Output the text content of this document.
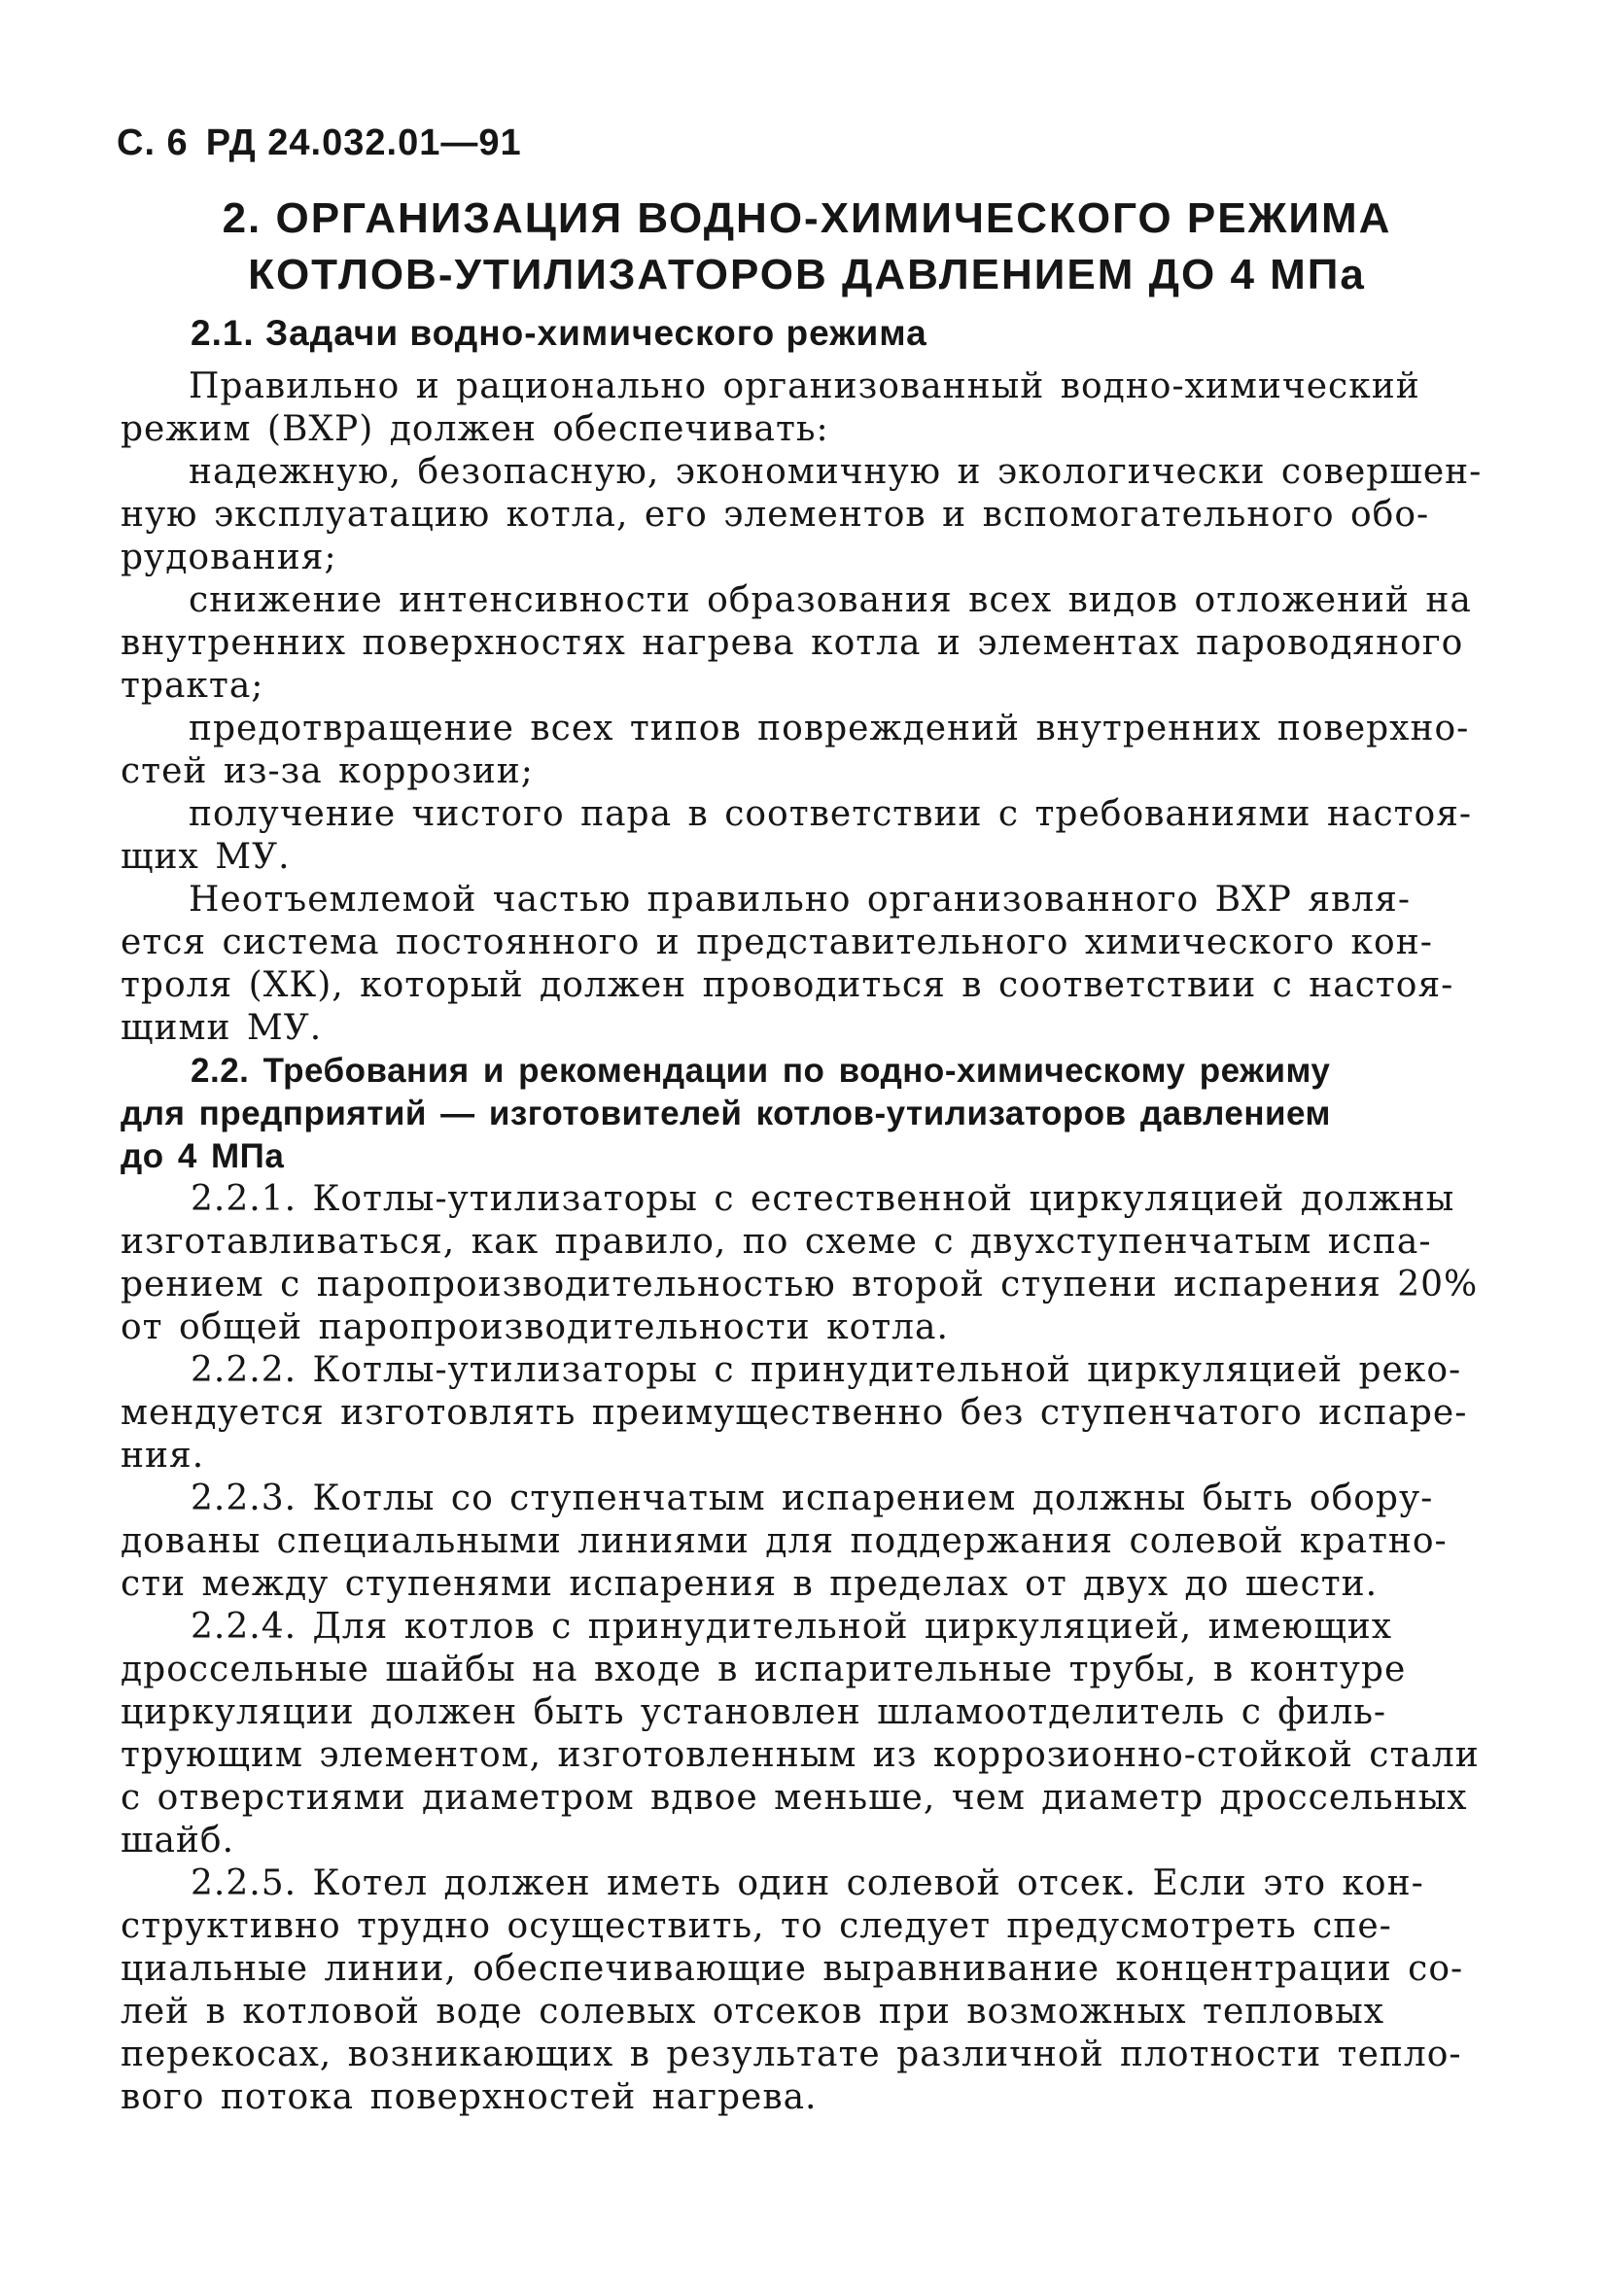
С. 6 РД 24.032.01—91
2. ОРГАНИЗАЦИЯ ВОДНО-ХИМИЧЕСКОГО РЕЖИМА
КОТЛОВ-УТИЛИЗАТОРОВ ДАВЛЕНИЕМ ДО 4 МПа
2.1. Задачи водно-химического режима
Правильно и рационально организованный водно-химический
режим (ВХР) должен обеспечивать:
надежную, безопасную, экономичную и экологически совершен-
ную эксплуатацию котла, его элементов и вспомогательного обо-
рудования;
снижение интенсивности образования всех видов отложений на
внутренних поверхностях нагрева котла и элементах пароводяного
тракта;
предотвращение всех типов повреждений внутренних поверхно-
стей из-за коррозии;
получение чистого пара в соответствии с требованиями настоя-
щих МУ.
Неотъемлемой частью правильно организованного ВХР явля-
ется система постоянного и представительного химического кон-
троля (ХК), который должен проводиться в соответствии с настоя-
щими МУ.
2.2. Требования и рекомендации по водно-химическому режиму
для предприятий — изготовителей котлов-утилизаторов давлением
до 4 МПа
2.2.1. Котлы-утилизаторы с естественной циркуляцией должны
изготавливаться, как правило, по схеме с двухступенчатым испа-
рением с паропроизводительностью второй ступени испарения 20%
от общей паропроизводительности котла.
2.2.2. Котлы-утилизаторы с принудительной циркуляцией реко-
мендуется изготовлять преимущественно без ступенчатого испаре-
ния.
2.2.3. Котлы со ступенчатым испарением должны быть обору-
дованы специальными линиями для поддержания солевой кратно-
сти между ступенями испарения в пределах от двух до шести.
2.2.4. Для котлов с принудительной циркуляцией, имеющих
дроссельные шайбы на входе в испарительные трубы, в контуре
циркуляции должен быть установлен шламоотделитель с филь-
трующим элементом, изготовленным из коррозионно-стойкой стали
с отверстиями диаметром вдвое меньше, чем диаметр дроссельных
шайб.
2.2.5. Котел должен иметь один солевой отсек. Если это кон-
структивно трудно осуществить, то следует предусмотреть спе-
циальные линии, обеспечивающие выравнивание концентрации со-
лей в котловой воде солевых отсеков при возможных тепловых
перекосах, возникающих в результате различной плотности тепло-
вого потока поверхностей нагрева.
